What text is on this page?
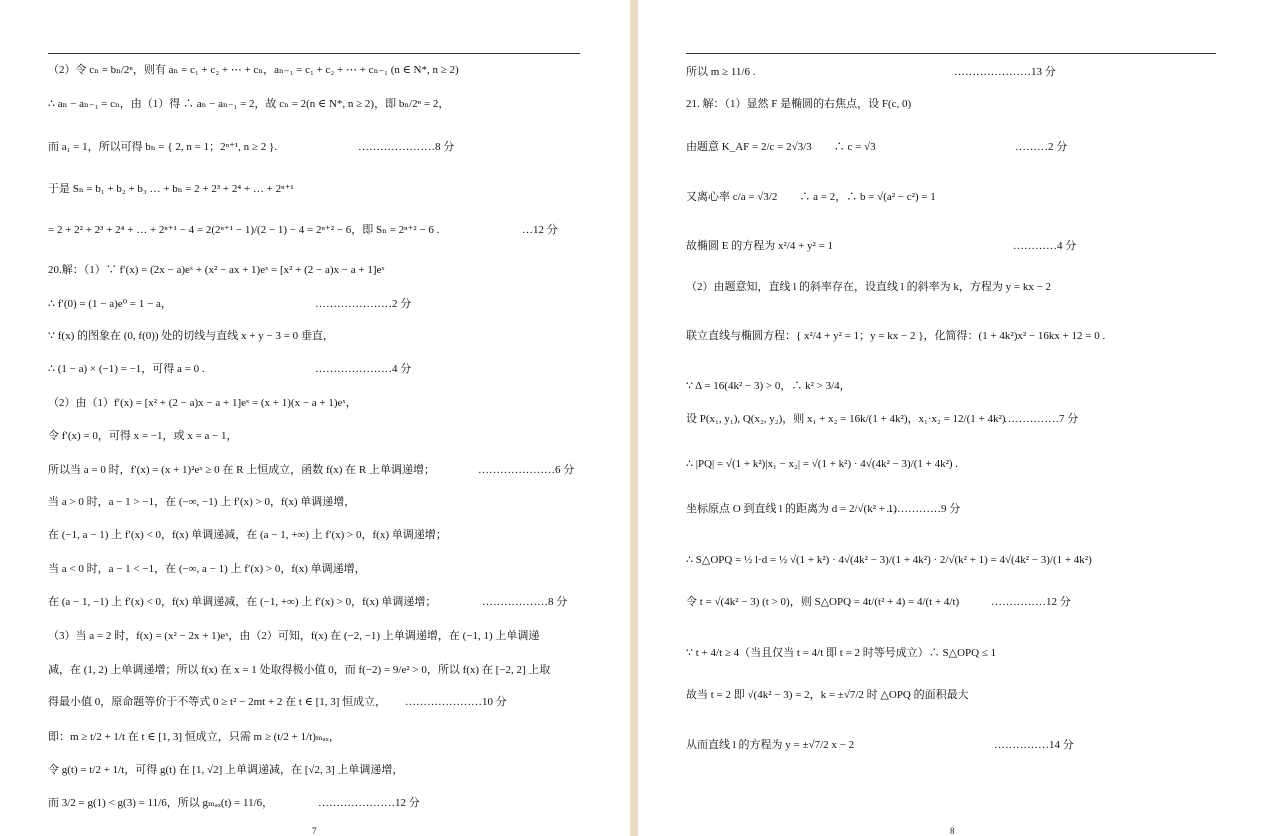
（2）令 cₙ = bₙ/2ⁿ，则有 aₙ = c₁ + c₂ + ⋯ + cₙ，aₙ₋₁ = c₁ + c₂ + ⋯ + cₙ₋₁ (n ∈ N*, n ≥ 2)
∴ aₙ − aₙ₋₁ = cₙ，由（1）得 ∴ aₙ − aₙ₋₁ = 2，故 cₙ = 2(n ∈ N*, n ≥ 2)，即 bₙ/2ⁿ = 2，
而 a₁ = 1，所以可得 bₙ = { 2, n = 1；2ⁿ⁺¹, n ≥ 2 }.
于是 Sₙ = b₁ + b₂ + b₃ … + bₙ = 2 + 2³ + 2⁴ + … + 2ⁿ⁺¹
= 2 + 2² + 2³ + 2⁴ + … + 2ⁿ⁺¹ − 4 = 2(2ⁿ⁺¹ − 1)/(2 − 1) − 4 = 2ⁿ⁺² − 6，即 Sₙ = 2ⁿ⁺² − 6 .
20.解：（1）∵ f′(x) = (2x − a)eˣ + (x² − ax + 1)eˣ = [x² + (2 − a)x − a + 1]eˣ
∴ f′(0) = (1 − a)e⁰ = 1 − a，
∵ f(x) 的图象在 (0, f(0)) 处的切线与直线 x + y − 3 = 0 垂直，
∴ (1 − a) × (−1) = −1，可得 a = 0 .
（2）由（1）f′(x) = [x² + (2 − a)x − a + 1]eˣ = (x + 1)(x − a + 1)eˣ，
令 f′(x) = 0，可得 x = −1，或 x = a − 1，
所以当 a = 0 时，f′(x) = (x + 1)²eˣ ≥ 0 在 R 上恒成立，函数 f(x) 在 R 上单调递增；
当 a > 0 时，a − 1 > −1，在 (−∞, −1) 上 f′(x) > 0，f(x) 单调递增，
在 (−1, a − 1) 上 f′(x) < 0，f(x) 单调递减，在 (a − 1, +∞) 上 f′(x) > 0，f(x) 单调递增；
当 a < 0 时，a − 1 < −1，在 (−∞, a − 1) 上 f′(x) > 0，f(x) 单调递增，
在 (a − 1, −1) 上 f′(x) < 0，f(x) 单调递减，在 (−1, +∞) 上 f′(x) > 0，f(x) 单调递增；
（3）当 a = 2 时，f(x) = (x² − 2x + 1)eˣ，由（2）可知，f(x) 在 (−2, −1) 上单调递增，在 (−1, 1) 上单调递
减，在 (1, 2) 上单调递增；所以 f(x) 在 x = 1 处取得极小值 0，而 f(−2) = 9/e² > 0，所以 f(x) 在 [−2, 2] 上取
得最小值 0，原命题等价于不等式 0 ≥ t² − 2mt + 2 在 t ∈ [1, 3] 恒成立，
即：m ≥ t/2 + 1/t 在 t ∈ [1, 3] 恒成立，只需 m ≥ (t/2 + 1/t)ₘₐₓ，
令 g(t) = t/2 + 1/t，可得 g(t) 在 [1, √2] 上单调递减，在 [√2, 3] 上单调递增，
而 3/2 = g(1) < g(3) = 11/6，所以 gₘₐₓ(t) = 11/6，
…………………8 分
…12 分
…………………2 分
…………………4 分
…………………6 分
………………8 分
…………………10 分
…………………12 分
7
所以 m ≥ 11/6 .
21. 解：（1）显然 F 是椭圆的右焦点，设 F(c, 0)
由题意 K_AF = 2/c = 2√3/3　　∴ c = √3
又离心率 c/a = √3/2　　∴ a = 2，∴ b = √(a² − c²) = 1
故椭圆 E 的方程为 x²/4 + y² = 1
（2）由题意知，直线 l 的斜率存在，设直线 l 的斜率为 k，方程为 y = kx − 2
联立直线与椭圆方程：{ x²/4 + y² = 1；y = kx − 2 }，化简得：(1 + 4k²)x² − 16kx + 12 = 0 .
∵ Δ = 16(4k² − 3) > 0，∴ k² > 3/4，
设 P(x₁, y₁), Q(x₂, y₂)，则 x₁ + x₂ = 16k/(1 + 4k²)，x₁·x₂ = 12/(1 + 4k²)
∴ |PQ| = √(1 + k²)|x₁ − x₂| = √(1 + k²) · 4√(4k² − 3)/(1 + 4k²) .
坐标原点 O 到直线 l 的距离为 d = 2/√(k² + 1)
∴ S△OPQ = ½ l·d = ½ √(1 + k²) · 4√(4k² − 3)/(1 + 4k²) · 2/√(k² + 1) = 4√(4k² − 3)/(1 + 4k²)
令 t = √(4k² − 3) (t > 0)，则 S△OPQ = 4t/(t² + 4) = 4/(t + 4/t)
∵ t + 4/t ≥ 4（当且仅当 t = 4/t 即 t = 2 时等号成立）∴ S△OPQ ≤ 1
故当 t = 2 即 √(4k² − 3) = 2，k = ±√7/2 时 △OPQ 的面积最大
从而直线 l 的方程为 y = ±√7/2 x − 2
…………………13 分
………2 分
…………4 分
……………7 分
……………9 分
……………12 分
……………14 分
8
